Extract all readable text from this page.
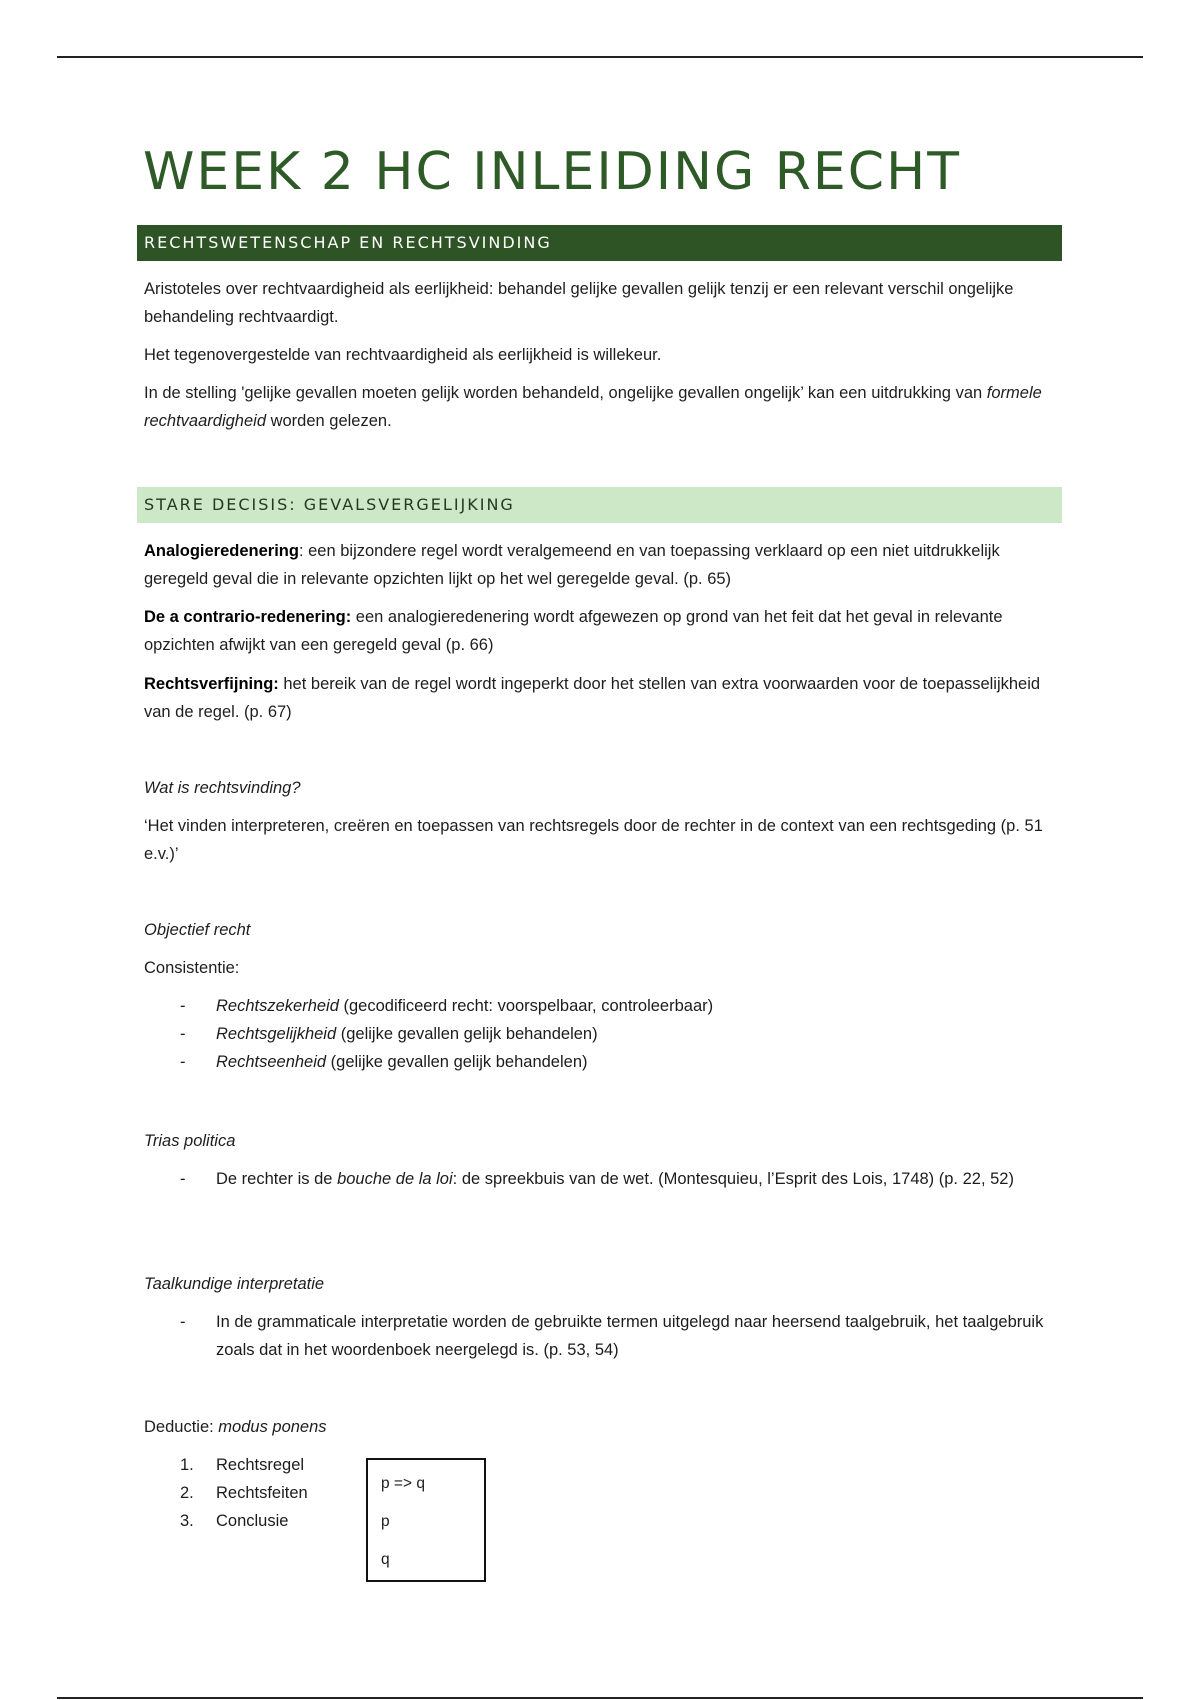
WEEK 2 HC INLEIDING RECHT
RECHTSWETENSCHAP EN RECHTSVINDING

Aristoteles over rechtvaardigheid als eerlijkheid: behandel gelijke gevallen gelijk tenzij er een relevant verschil ongelijke behandeling rechtvaardigt.

Het tegenovergestelde van rechtvaardigheid als eerlijkheid is willekeur.

In de stelling 'gelijke gevallen moeten gelijk worden behandeld, ongelijke gevallen ongelijk’ kan een uitdrukking van formele rechtvaardigheid worden gelezen.

STARE DECISIS: GEVALSVERGELIJKING

Analogieredenering: een bijzondere regel wordt veralgemeend en van toepassing verklaard op een niet uitdrukkelijk geregeld geval die in relevante opzichten lijkt op het wel geregelde geval. (p. 65)

De a contrario-redenering: een analogieredenering wordt afgewezen op grond van het feit dat het geval in relevante opzichten afwijkt van een geregeld geval (p. 66)

Rechtsverfijning: het bereik van de regel wordt ingeperkt door het stellen van extra voorwaarden voor de toepasselijkheid van de regel. (p. 67)

Wat is rechtsvinding?

‘Het vinden interpreteren, creëren en toepassen van rechtsregels door de rechter in de context van een rechtsgeding (p. 51 e.v.)’

Objectief recht

Consistentie:

- Rechtszekerheid (gecodificeerd recht: voorspelbaar, controleerbaar)
- Rechtsgelijkheid (gelijke gevallen gelijk behandelen)
- Rechtseenheid (gelijke gevallen gelijk behandelen)

Trias politica

- De rechter is de bouche de la loi: de spreekbuis van de wet. (Montesquieu, l’Esprit des Lois, 1748) (p. 22, 52)

Taalkundige interpretatie

- In de grammaticale interpretatie worden de gebruikte termen uitgelegd naar heersend taalgebruik, het taalgebruik zoals dat in het woordenboek neergelegd is. (p. 53, 54)

Deductie: modus ponens

1. Rechtsregel
2. Rechtsfeiten
3. Conclusie
p => q
p
q
